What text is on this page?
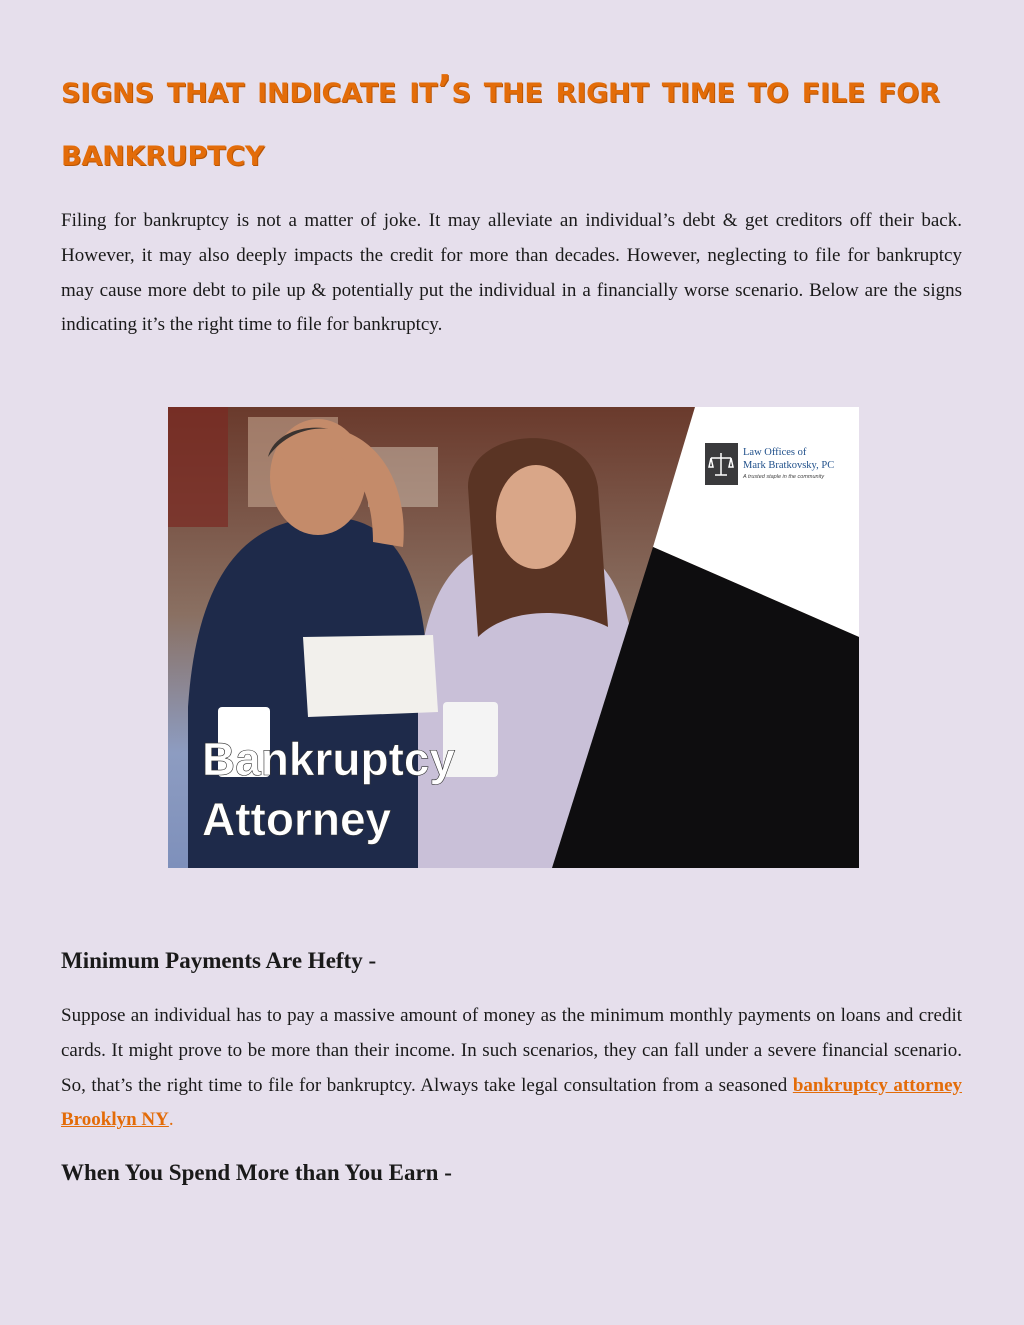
signs that indicate it’s the right time to file for bankruptcy

Filing for bankruptcy is not a matter of joke. It may alleviate an individual’s debt & get creditors off their back. However, it may also deeply impacts the credit for more than decades. However, neglecting to file for bankruptcy may cause more debt to pile up & potentially put the individual in a financially worse scenario. Below are the signs indicating it’s the right time to file for bankruptcy.

Minimum Payments Are Hefty -

Suppose an individual has to pay a massive amount of money as the minimum monthly payments on loans and credit cards. It might prove to be more than their income. In such scenarios, they can fall under a severe financial scenario. So, that’s the right time to file for bankruptcy. Always take legal consultation from a seasoned bankruptcy attorney Brooklyn NY.

When You Spend More than You Earn -
Law Offices of
Mark Bratkovsky, PC
A trusted staple in the community
Bankruptcy
Attorney
